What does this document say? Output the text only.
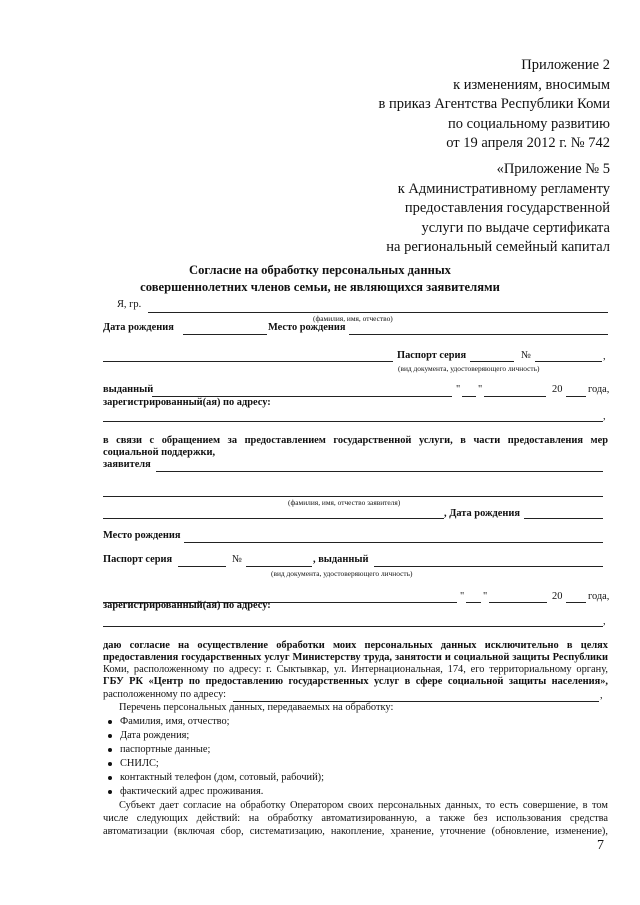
Приложение 2
к изменениям, вносимым
в приказ Агентства Республики Коми
по социальному развитию
от 19 апреля 2012 г. № 742
«Приложение № 5
к Административному регламенту
предоставления государственной
услуги по выдаче сертификата
на региональный семейный капитал
Согласие на обработку персональных данных
совершеннолетних членов семьи, не являющихся заявителями
Я, гр.
(фамилия, имя, отчество)
Дата рождения	Место рождения
Паспорт серия	№	,
(вид документа, удостоверяющего личность)
выданный	" "	20 года,
зарегистрированный(ая) по адресу:
,
в связи с обращением за предоставлением государственной услуги, в части предоставления мер
социальной поддержки,
заявителя
(фамилия, имя, отчество заявителя)
, Дата рождения
Место рождения
Паспорт серия	№	, выданный
(вид документа, удостоверяющего личность)
" "	20 года,
зарегистрированный(ая) по адресу:
,
даю согласие на осуществление обработки моих персональных данных исключительно в целях
предоставления государственных услуг Министерству труда, занятости и социальной защиты Республики
Коми, расположенному по адресу: г. Сыктывкар, ул. Интернациональная, 174, его территориальному органу,
ГБУ РК «Центр по предоставлению государственных услуг в сфере социальной защиты населения»,
расположенному по адресу:	,
Перечень персональных данных, передаваемых на обработку:
Фамилия, имя, отчество;
Дата рождения;
паспортные данные;
СНИЛС;
контактный телефон (дом, сотовый, рабочий);
фактический адрес проживания.
Субъект дает согласие на обработку Оператором своих персональных данных, то есть совершение, в том
числе следующих действий: на обработку автоматизированную, а также без использования средства
автоматизации (включая сбор, систематизацию, накопление, хранение, уточнение (обновление, изменение),
7
